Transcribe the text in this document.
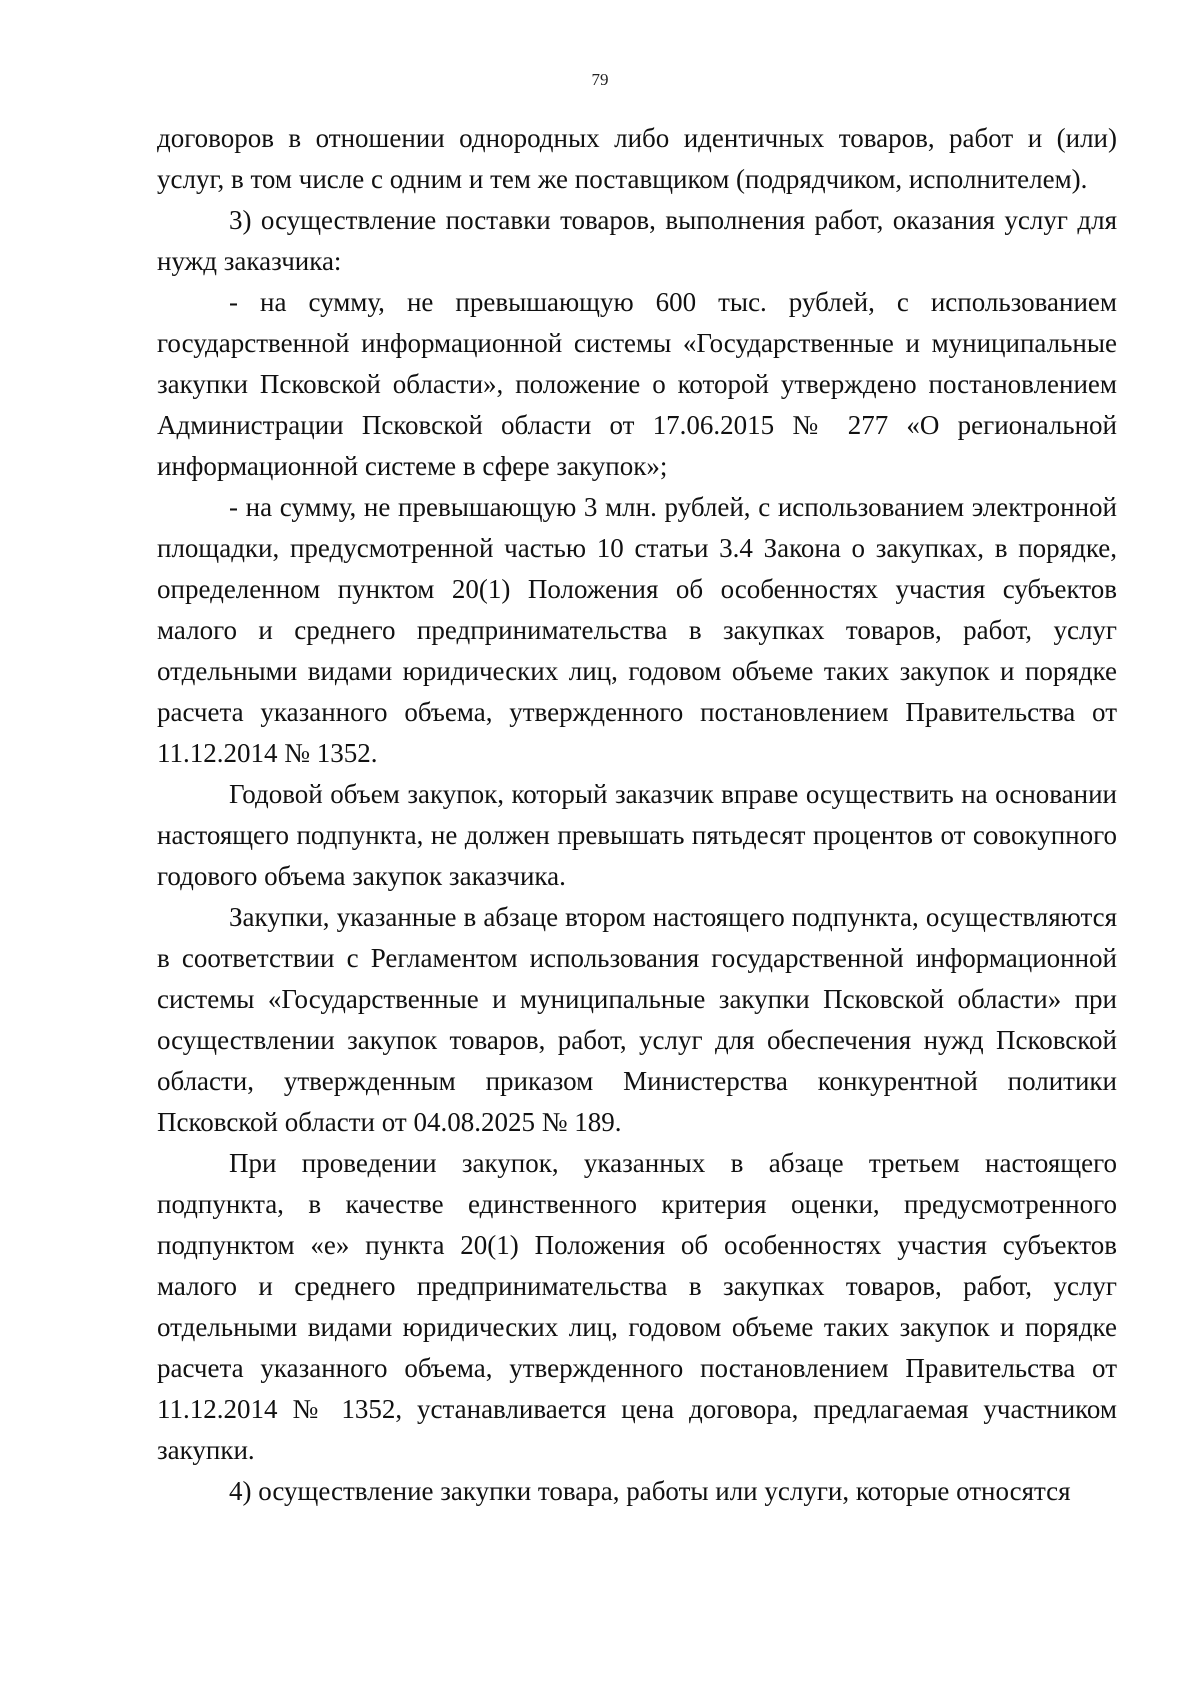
79

договоров в отношении однородных либо идентичных товаров, работ и (или) услуг, в том числе с одним и тем же поставщиком (подрядчиком, исполнителем).

3) осуществление поставки товаров, выполнения работ, оказания услуг для нужд заказчика:

- на сумму, не превышающую 600 тыс. рублей, с использованием государственной информационной системы «Государственные и муниципальные закупки Псковской области», положение о которой утверждено постановлением Администрации Псковской области от 17.06.2015 № 277 «О региональной информационной системе в сфере закупок»;

- на сумму, не превышающую 3 млн. рублей, с использованием электронной площадки, предусмотренной частью 10 статьи 3.4 Закона о закупках, в порядке, определенном пунктом 20(1) Положения об особенностях участия субъектов малого и среднего предпринимательства в закупках товаров, работ, услуг отдельными видами юридических лиц, годовом объеме таких закупок и порядке расчета указанного объема, утвержденного постановлением Правительства от 11.12.2014 № 1352.

Годовой объем закупок, который заказчик вправе осуществить на основании настоящего подпункта, не должен превышать пятьдесят процентов от совокупного годового объема закупок заказчика.

Закупки, указанные в абзаце втором настоящего подпункта, осуществляются в соответствии с Регламентом использования государственной информационной системы «Государственные и муниципальные закупки Псковской области» при осуществлении закупок товаров, работ, услуг для обеспечения нужд Псковской области, утвержденным приказом Министерства конкурентной политики Псковской области от 04.08.2025 № 189.

При проведении закупок, указанных в абзаце третьем настоящего подпункта, в качестве единственного критерия оценки, предусмотренного подпунктом «е» пункта 20(1) Положения об особенностях участия субъектов малого и среднего предпринимательства в закупках товаров, работ, услуг отдельными видами юридических лиц, годовом объеме таких закупок и порядке расчета указанного объема, утвержденного постановлением Правительства от 11.12.2014 № 1352, устанавливается цена договора, предлагаемая участником закупки.

4) осуществление закупки товара, работы или услуги, которые относятся
